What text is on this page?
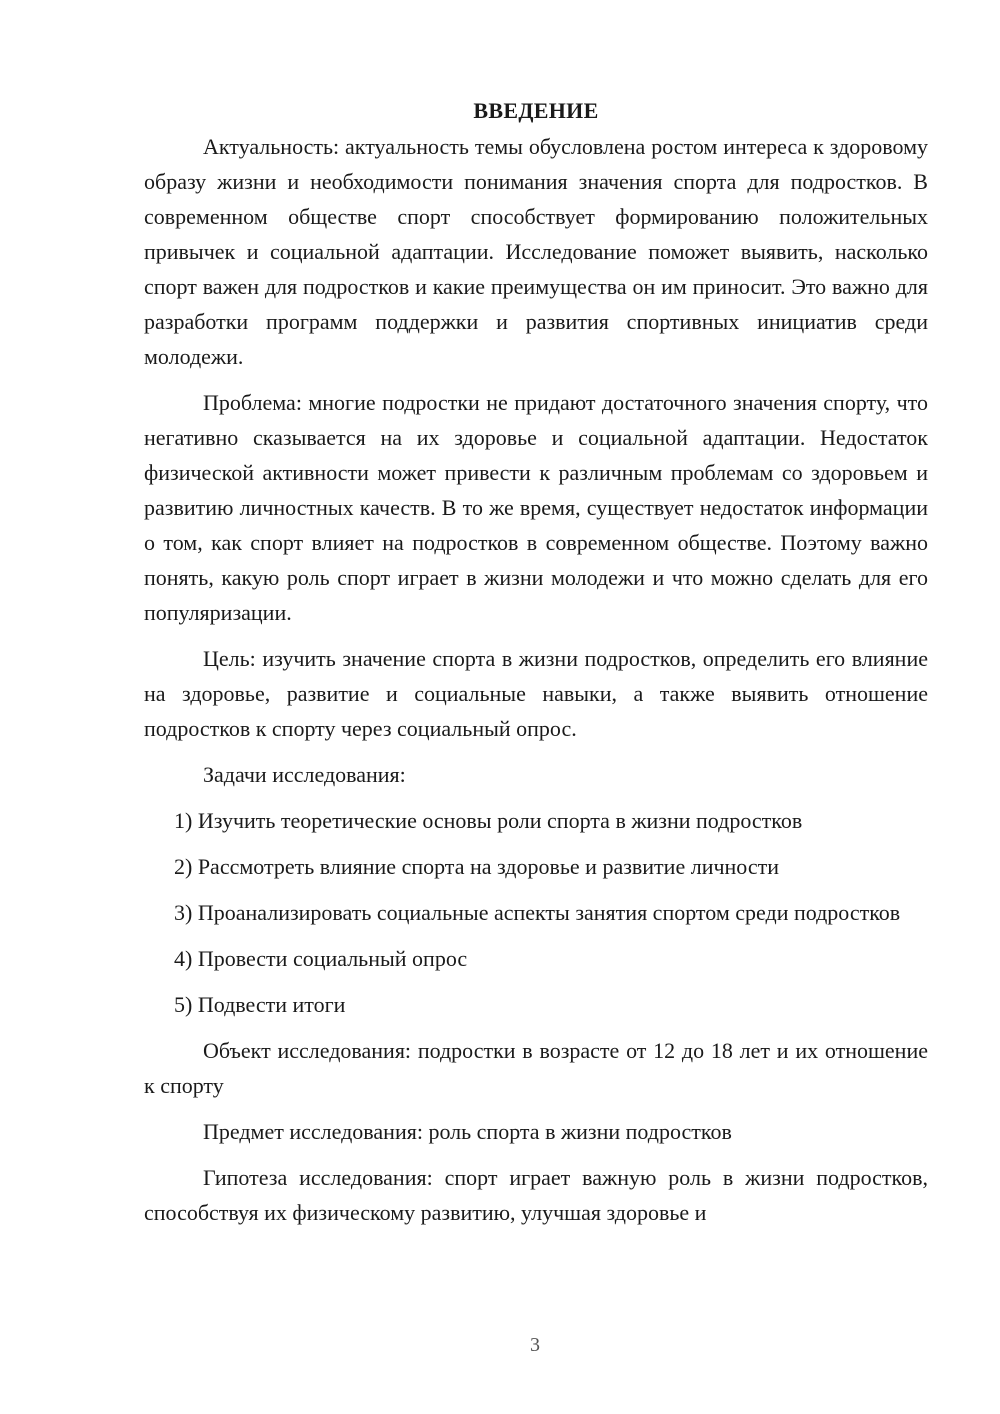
ВВЕДЕНИЕ

Актуальность: актуальность темы обусловлена ростом интереса к здоровому образу жизни и необходимости понимания значения спорта для подростков. В современном обществе спорт способствует формированию положительных привычек и социальной адаптации. Исследование поможет выявить, насколько спорт важен для подростков и какие преимущества он им приносит. Это важно для разработки программ поддержки и развития спортивных инициатив среди молодежи.

Проблема: многие подростки не придают достаточного значения спорту, что негативно сказывается на их здоровье и социальной адаптации. Недостаток физической активности может привести к различным проблемам со здоровьем и развитию личностных качеств. В то же время, существует недостаток информации о том, как спорт влияет на подростков в современном обществе. Поэтому важно понять, какую роль спорт играет в жизни молодежи и что можно сделать для его популяризации.

Цель: изучить значение спорта в жизни подростков, определить его влияние на здоровье, развитие и социальные навыки, а также выявить отношение подростков к спорту через социальный опрос.

Задачи исследования:

1) Изучить теоретические основы роли спорта в жизни подростков

2) Рассмотреть влияние спорта на здоровье и развитие личности

3) Проанализировать социальные аспекты занятия спортом среди подростков

4) Провести социальный опрос

5) Подвести итоги

Объект исследования: подростки в возрасте от 12 до 18 лет и их отношение к спорту

Предмет исследования: роль спорта в жизни подростков

Гипотеза исследования: спорт играет важную роль в жизни подростков, способствуя их физическому развитию, улучшая здоровье и

3
